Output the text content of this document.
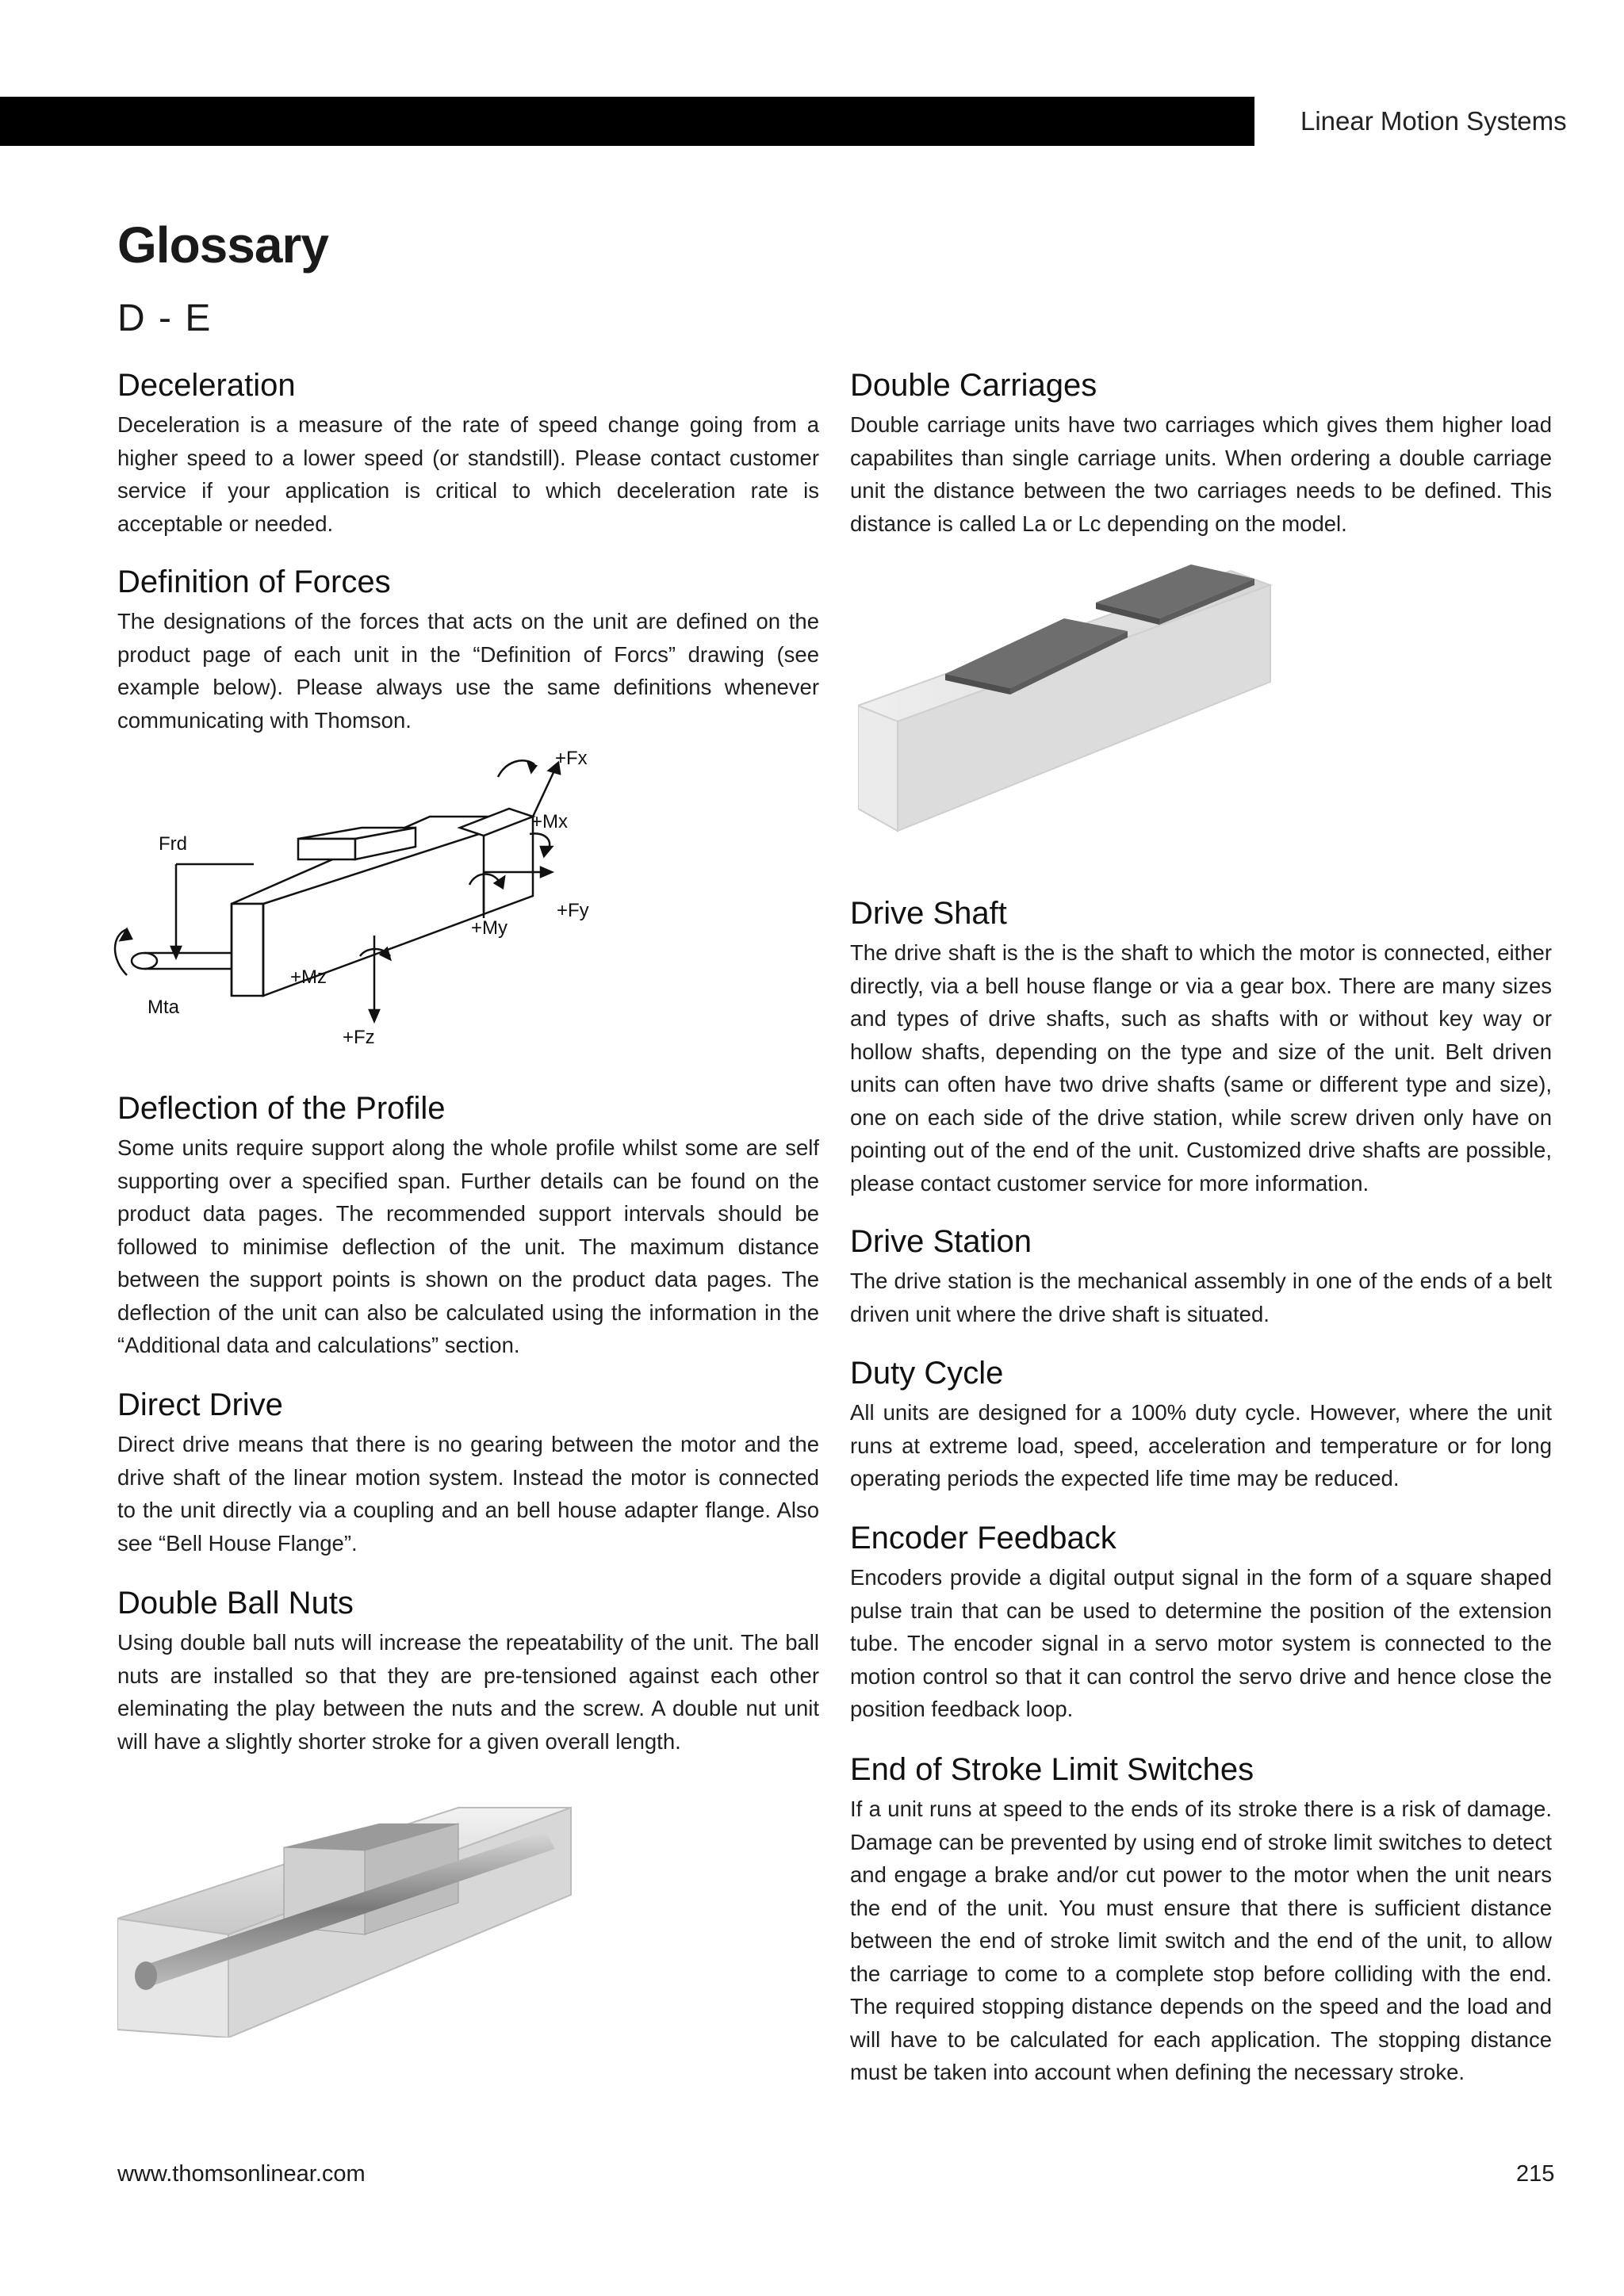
Linear Motion Systems
Glossary
D - E
Deceleration

Deceleration is a measure of the rate of speed change going from a higher speed to a lower speed (or standstill). Please contact customer service if your application is critical to which deceleration rate is acceptable or needed.

Definition of Forces

The designations of the forces that acts on the unit are defined on the product page of each unit in the “Definition of Forcs” drawing (see example below). Please always use the same definitions whenever communicating with Thomson.

+Fx
+Mx
+Fy
+My
+Mz
+Fz
Frd
Mta
Deflection of the Profile

Some units require support along the whole profile whilst some are self supporting over a specified span. Further details can be found on the product data pages. The recommended support intervals should be followed to minimise deflection of the unit. The maximum distance between the support points is shown on the product data pages. The deflection of the unit can also be calculated using the information in the “Additional data and calculations” section.

Direct Drive

Direct drive means that there is no gearing between the motor and the drive shaft of the linear motion system. Instead the motor is connected to the unit directly via a coupling and an bell house adapter flange. Also see “Bell House Flange”.

Double Ball Nuts

Using double ball nuts will increase the repeatability of the unit. The ball nuts are installed so that they are pre-tensioned against each other eleminating the play between the nuts and the screw. A double nut unit will have a slightly shorter stroke for a given overall length.

Double Carriages

Double carriage units have two carriages which gives them higher load capabilites than single carriage units. When ordering a double carriage unit the distance between the two carriages needs to be defined. This distance is called La or Lc depending on the model.

Drive Shaft

The drive shaft is the is the shaft to which the motor is connected, either directly, via a bell house flange or via a gear box. There are many sizes and types of drive shafts, such as shafts with or without key way or hollow shafts, depending on the type and size of the unit. Belt driven units can often have two drive shafts (same or different type and size), one on each side of the drive station, while screw driven only have on pointing out of the end of the unit. Customized drive shafts are possible, please contact customer service for more information.

Drive Station

The drive station is the mechanical assembly in one of the ends of a belt driven unit where the drive shaft is situated.

Duty Cycle

All units are designed for a 100% duty cycle. However, where the unit runs at extreme load, speed, acceleration and temperature or for long operating periods the expected life time may be reduced.

Encoder Feedback

Encoders provide a digital output signal in the form of a square shaped pulse train that can be used to determine the position of the extension tube. The encoder signal in a servo motor system is connected to the motion control so that it can control the servo drive and hence close the position feedback loop.

End of Stroke Limit Switches

If a unit runs at speed to the ends of its stroke there is a risk of damage. Damage can be prevented by using end of stroke limit switches to detect and engage a brake and/or cut power to the motor when the unit nears the end of the unit. You must ensure that there is sufficient distance between the end of stroke limit switch and the end of the unit, to allow the carriage to come to a complete stop before colliding with the end. The required stopping distance depends on the speed and the load and will have to be calculated for each application. The stopping distance must be taken into account when defining the necessary stroke.

www.thomsonlinear.com	215
